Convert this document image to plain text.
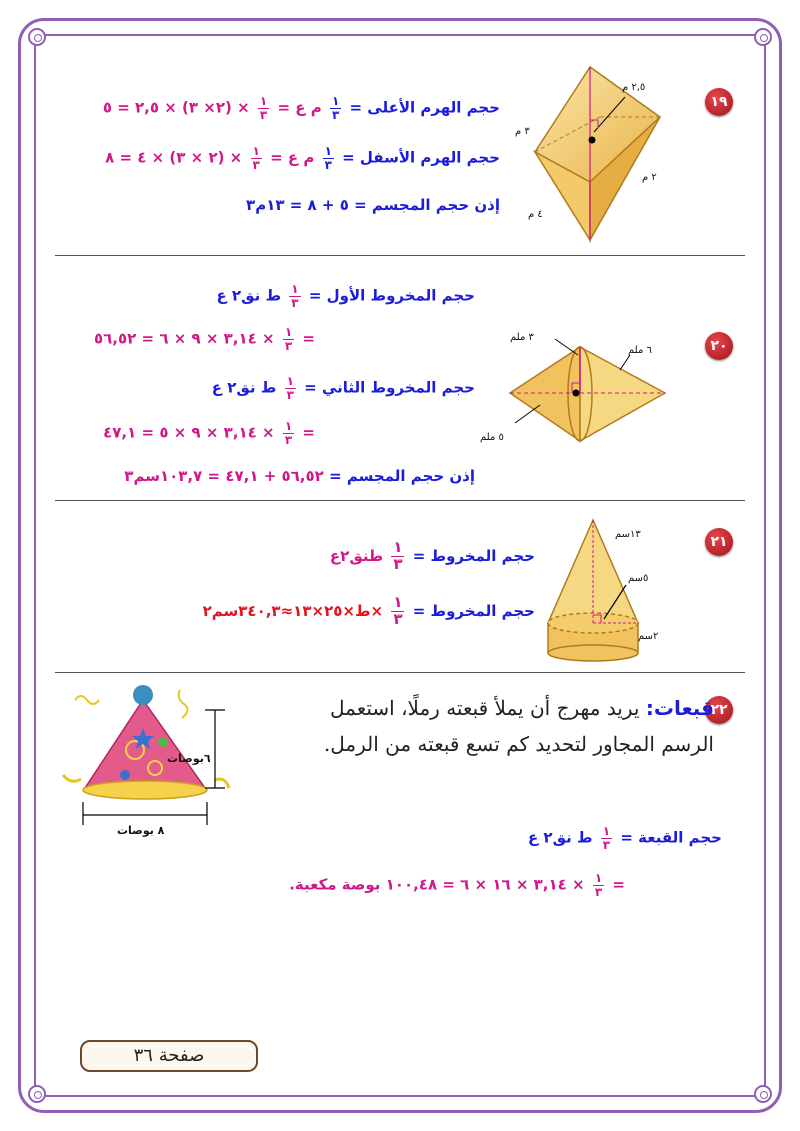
١٩
٢,٥ م
٣ م
٢ م
٤ م
حجم الهرم الأعلى =
$\frac{١}{٣}$
م ع =
$\frac{١}{٣}$
× (٢× ٣) × ٢,٥ = ٥
حجم الهرم الأسفل =
$\frac{١}{٣}$
م ع =
$\frac{١}{٣}$
× (٢ × ٣) × ٤ = ٨
إذن حجم المجسم = ٥ + ٨ = ١٣م٣
٢٠
٣ ملم
٦ ملم
٥ ملم
حجم المخروط الأول =
$\frac{١}{٣}$
ط نق٢ ع
=
$\frac{١}{٣}$
× ٣,١٤ × ٩ × ٦ = ٥٦,٥٢
حجم المخروط الثاني =
$\frac{١}{٣}$
ط نق٢ ع
=
$\frac{١}{٣}$
× ٣,١٤ × ٩ × ٥ = ٤٧,١
إذن حجم المجسم = ٥٦,٥٢ + ٤٧,١ = ١٠٣,٧سم٣
٢١
١٣سم
٥سم
٢سم
حجم المخروط =
$\frac{١}{٣}$
طنق٢ع
حجم المخروط =
$\frac{١}{٣}$
×ط×٢٥×١٣≈٣٤٠,٣سم٢
٢٢
قبعات: يريد مهرج أن يملأ قبعته رملًا، استعمل
الرسم المجاور لتحديد كم تسع قبعته من الرمل.
٦بوصات
٨ بوصات	حجم القبعة =
$\frac{١}{٣}$
ط نق٢ ع
=
$\frac{١}{٣}$
× ٣,١٤ × ١٦ × ٦ = ١٠٠,٤٨ بوصة مكعبة.
صفحة ٣٦
